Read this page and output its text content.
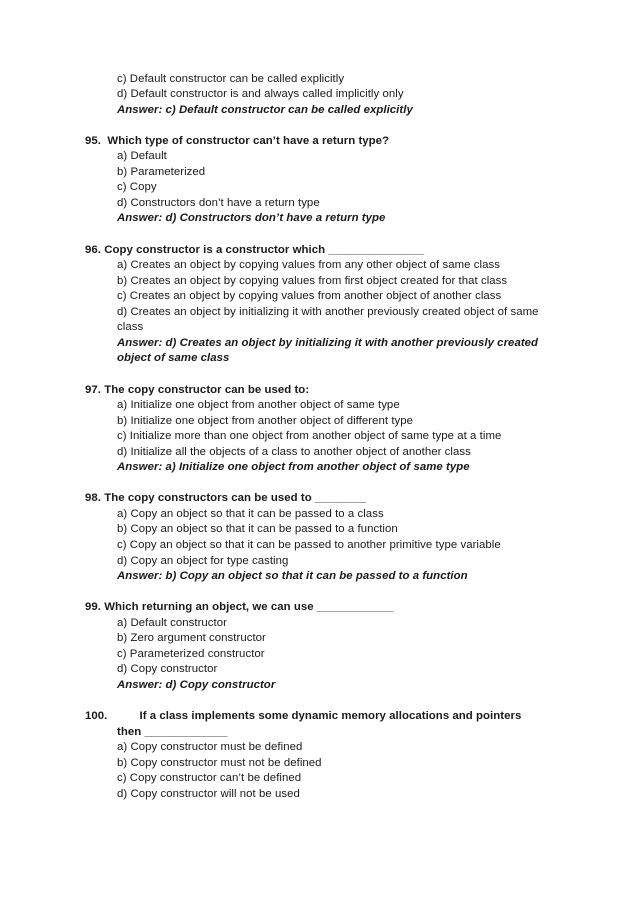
c) Default constructor can be called explicitly
d) Default constructor is and always called implicitly only
Answer: c) Default constructor can be called explicitly
95.  Which type of constructor can’t have a return type?
a) Default
b) Parameterized
c) Copy
d) Constructors don’t have a return type
Answer: d) Constructors don’t have a return type
96. Copy constructor is a constructor which _______________
a) Creates an object by copying values from any other object of same class
b) Creates an object by copying values from first object created for that class
c) Creates an object by copying values from another object of another class
d) Creates an object by initializing it with another previously created object of same
class
Answer: d) Creates an object by initializing it with another previously created
object of same class
97. The copy constructor can be used to:
a) Initialize one object from another object of same type
b) Initialize one object from another object of different type
c) Initialize more than one object from another object of same type at a time
d) Initialize all the objects of a class to another object of another class
Answer: a) Initialize one object from another object of same type
98. The copy constructors can be used to ________
a) Copy an object so that it can be passed to a class
b) Copy an object so that it can be passed to a function
c) Copy an object so that it can be passed to another primitive type variable
d) Copy an object for type casting
Answer: b) Copy an object so that it can be passed to a function
99. Which returning an object, we can use ____________
a) Default constructor
b) Zero argument constructor
c) Parameterized constructor
d) Copy constructor
Answer: d) Copy constructor
100.          If a class implements some dynamic memory allocations and pointers
then _____________
a) Copy constructor must be defined
b) Copy constructor must not be defined
c) Copy constructor can’t be defined
d) Copy constructor will not be used
